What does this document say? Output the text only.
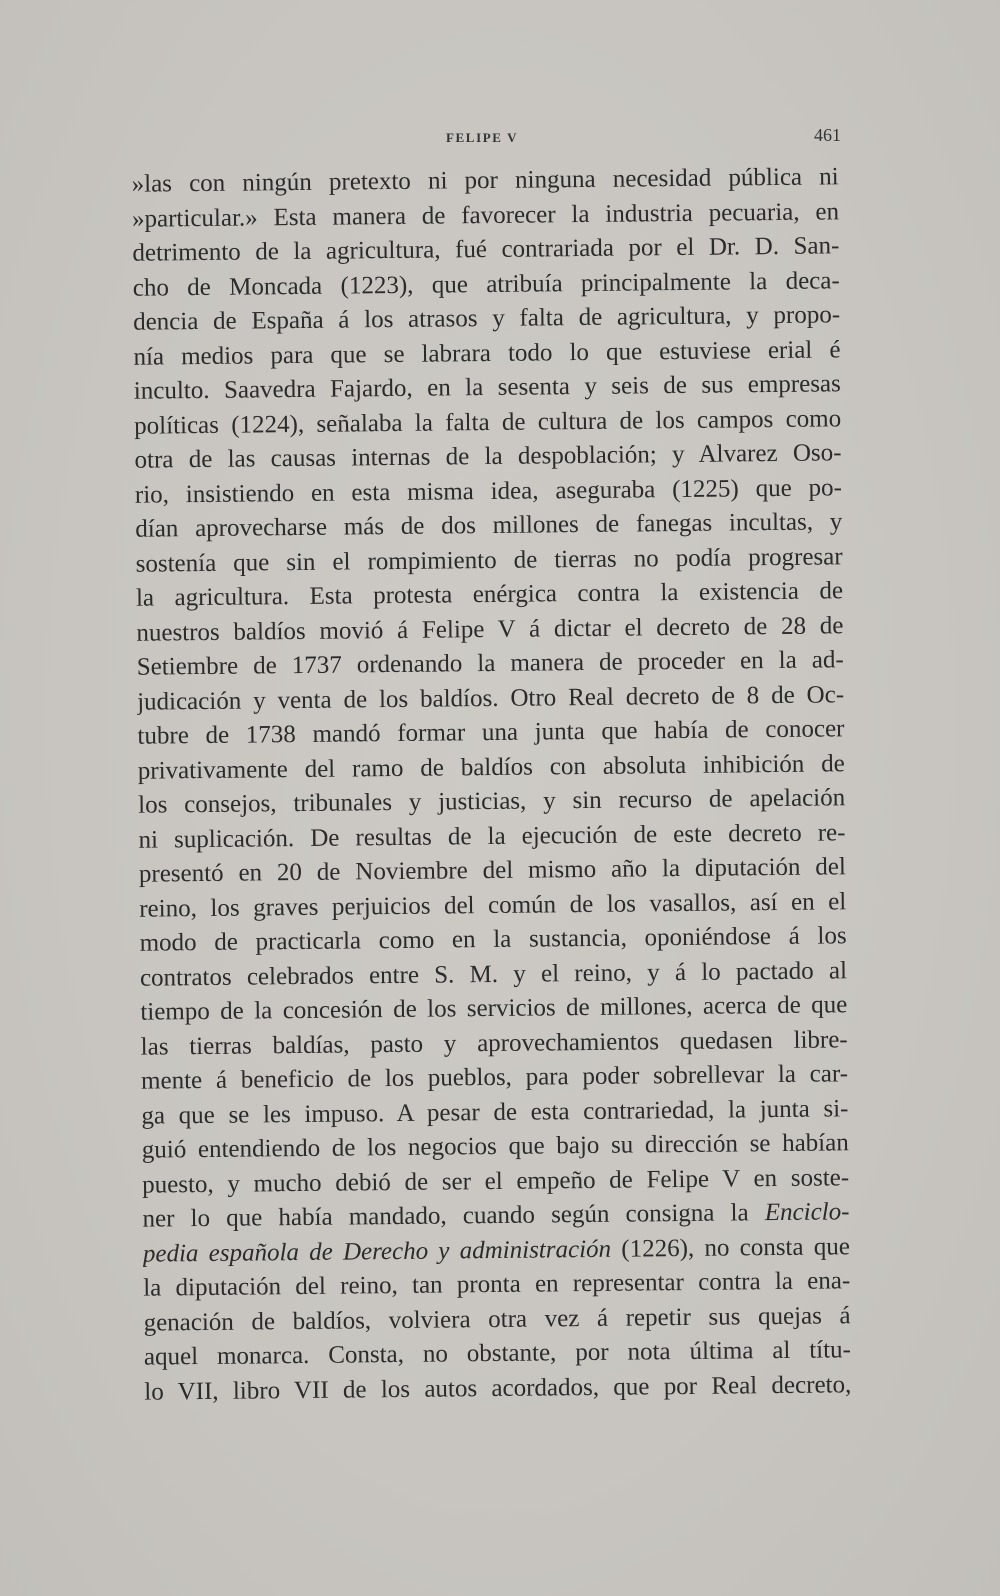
FELIPE V	461
»las con ningún pretexto ni por ninguna necesidad pública ni
»particular.» Esta manera de favorecer la industria pecuaria, en
detrimento de la agricultura, fué contrariada por el Dr. D. San-
cho de Moncada (1223), que atribuía principalmente la deca-
dencia de España á los atrasos y falta de agricultura, y propo-
nía medios para que se labrara todo lo que estuviese erial é
inculto. Saavedra Fajardo, en la sesenta y seis de sus empresas
políticas (1224), señalaba la falta de cultura de los campos como
otra de las causas internas de la despoblación; y Alvarez Oso-
rio, insistiendo en esta misma idea, aseguraba (1225) que po-
dían aprovecharse más de dos millones de fanegas incultas, y
sostenía que sin el rompimiento de tierras no podía progresar
la agricultura. Esta protesta enérgica contra la existencia de
nuestros baldíos movió á Felipe V á dictar el decreto de 28 de
Setiembre de 1737 ordenando la manera de proceder en la ad-
judicación y venta de los baldíos. Otro Real decreto de 8 de Oc-
tubre de 1738 mandó formar una junta que había de conocer
privativamente del ramo de baldíos con absoluta inhibición de
los consejos, tribunales y justicias, y sin recurso de apelación
ni suplicación. De resultas de la ejecución de este decreto re-
presentó en 20 de Noviembre del mismo año la diputación del
reino, los graves perjuicios del común de los vasallos, así en el
modo de practicarla como en la sustancia, oponiéndose á los
contratos celebrados entre S. M. y el reino, y á lo pactado al
tiempo de la concesión de los servicios de millones, acerca de que
las tierras baldías, pasto y aprovechamientos quedasen libre-
mente á beneficio de los pueblos, para poder sobrellevar la car-
ga que se les impuso. A pesar de esta contrariedad, la junta si-
guió entendiendo de los negocios que bajo su dirección se habían
puesto, y mucho debió de ser el empeño de Felipe V en soste-
ner lo que había mandado, cuando según consigna la Enciclo-
pedia española de Derecho y administración (1226), no consta que
la diputación del reino, tan pronta en representar contra la ena-
genación de baldíos, volviera otra vez á repetir sus quejas á
aquel monarca. Consta, no obstante, por nota última al títu-
lo VII, libro VII de los autos acordados, que por Real decreto,
